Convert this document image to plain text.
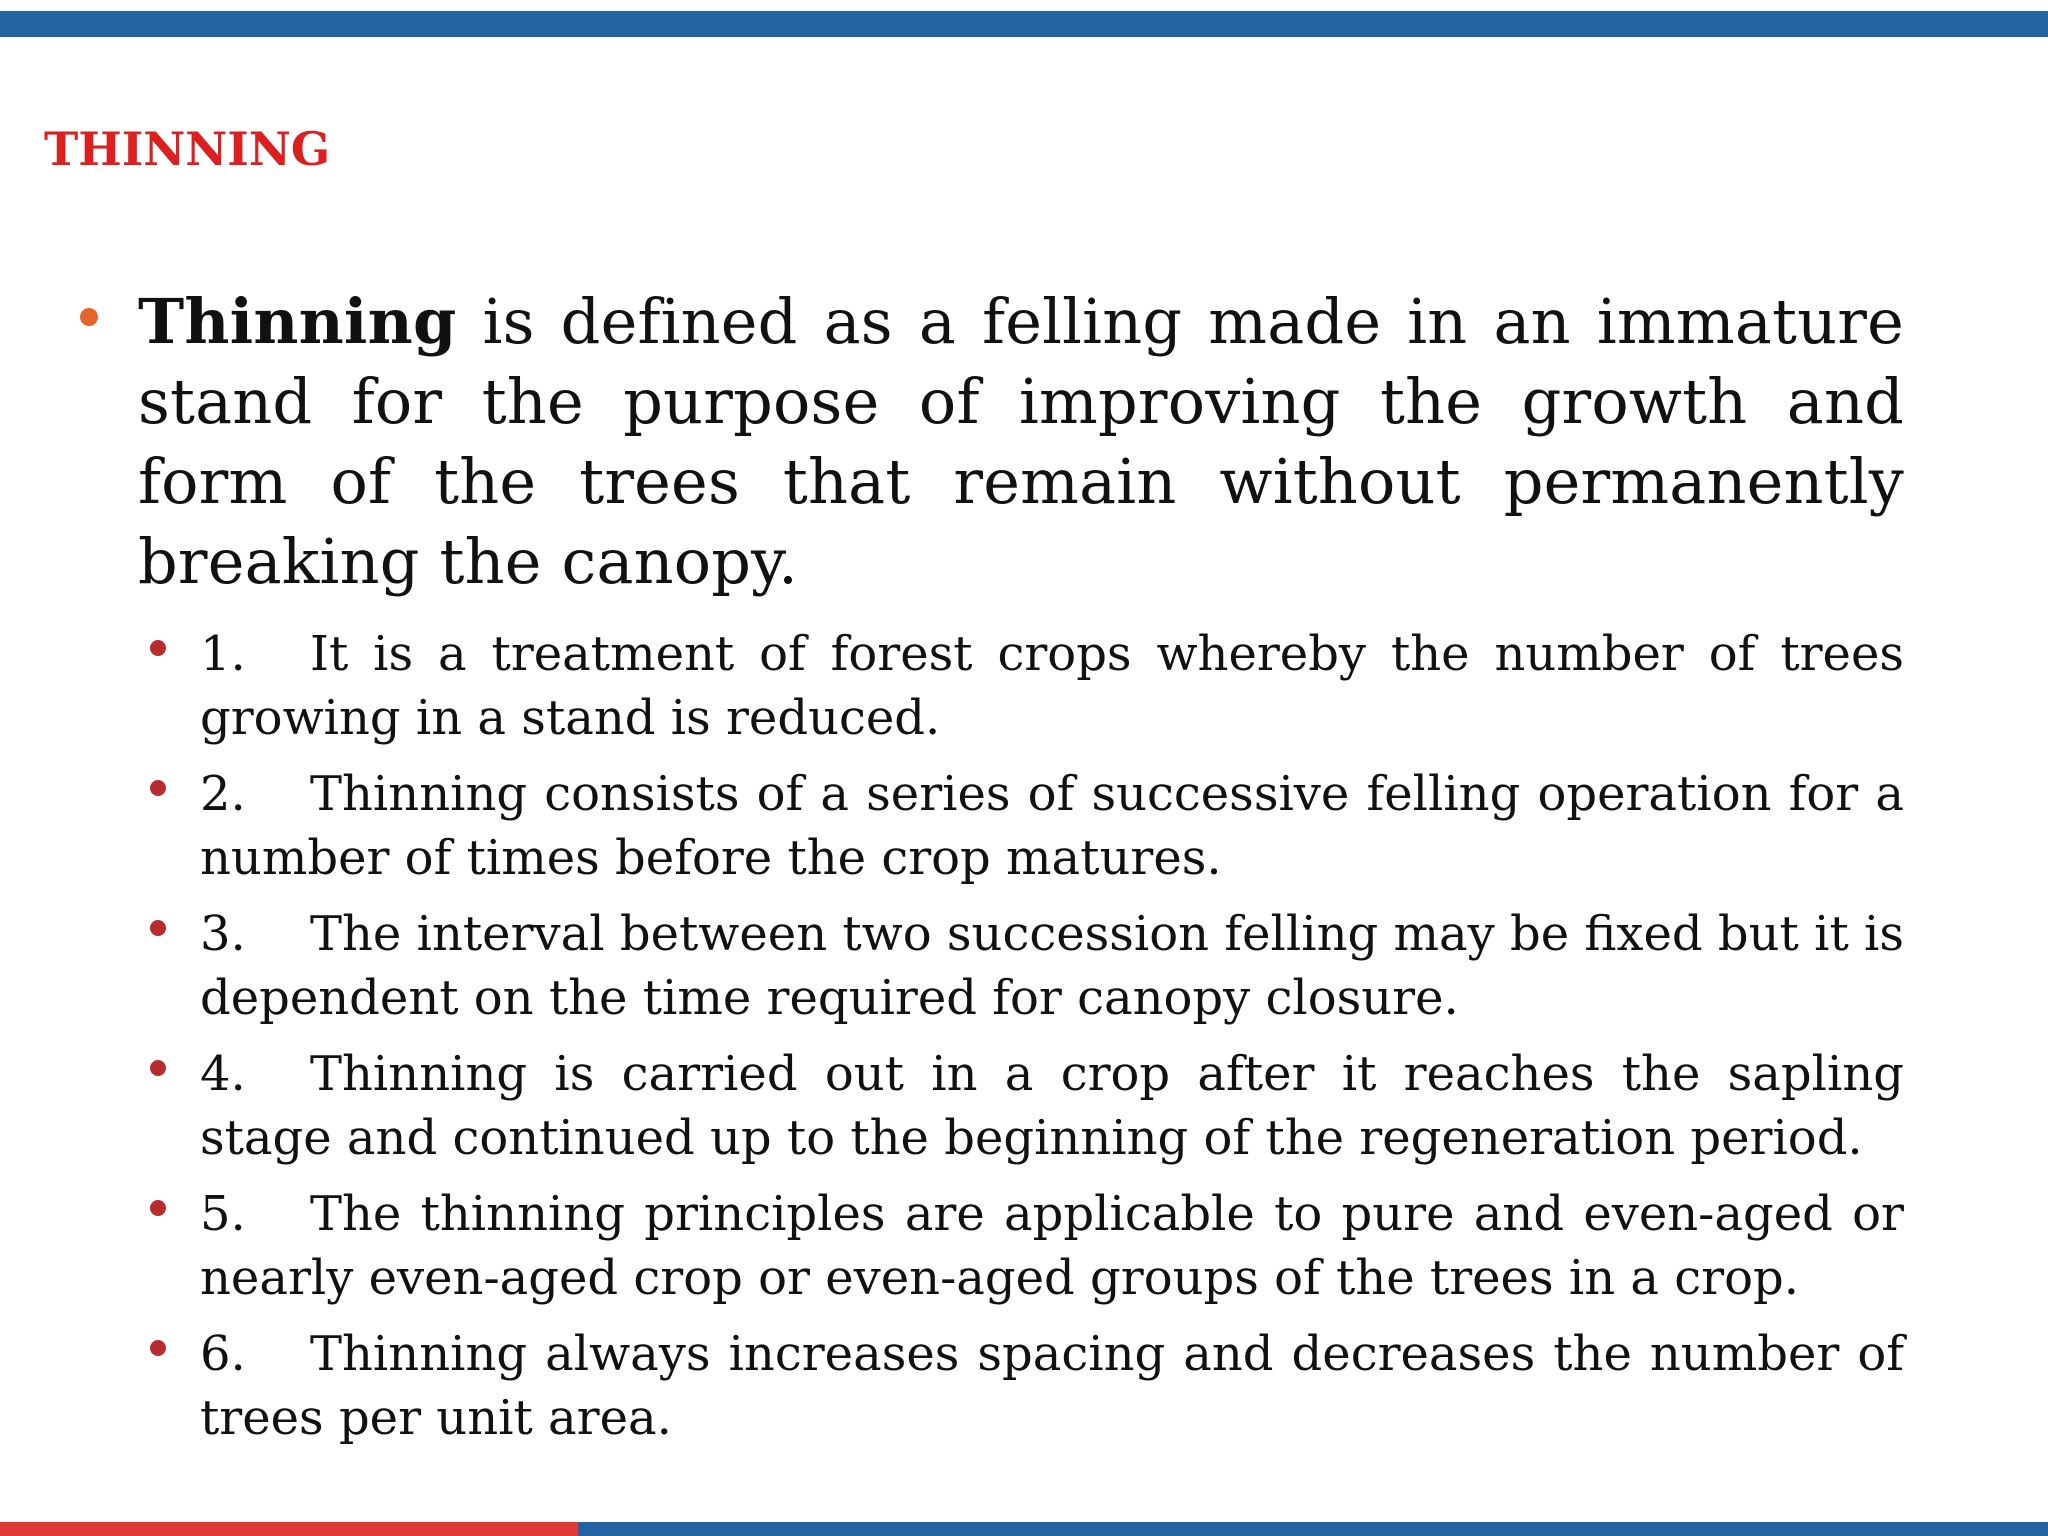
THINNING
Thinning is defined as a felling made in an immature stand for the purpose of improving the growth and form of the trees that remain without permanently breaking the canopy.
1. It is a treatment of forest crops whereby the number of trees growing in a stand is reduced.
2. Thinning consists of a series of successive felling operation for a number of times before the crop matures.
3. The interval between two succession felling may be fixed but it is dependent on the time required for canopy closure.
4. Thinning is carried out in a crop after it reaches the sapling stage and continued up to the beginning of the regeneration period.
5. The thinning principles are applicable to pure and even-aged or nearly even-aged crop or even-aged groups of the trees in a crop.
6. Thinning always increases spacing and decreases the number of trees per unit area.
